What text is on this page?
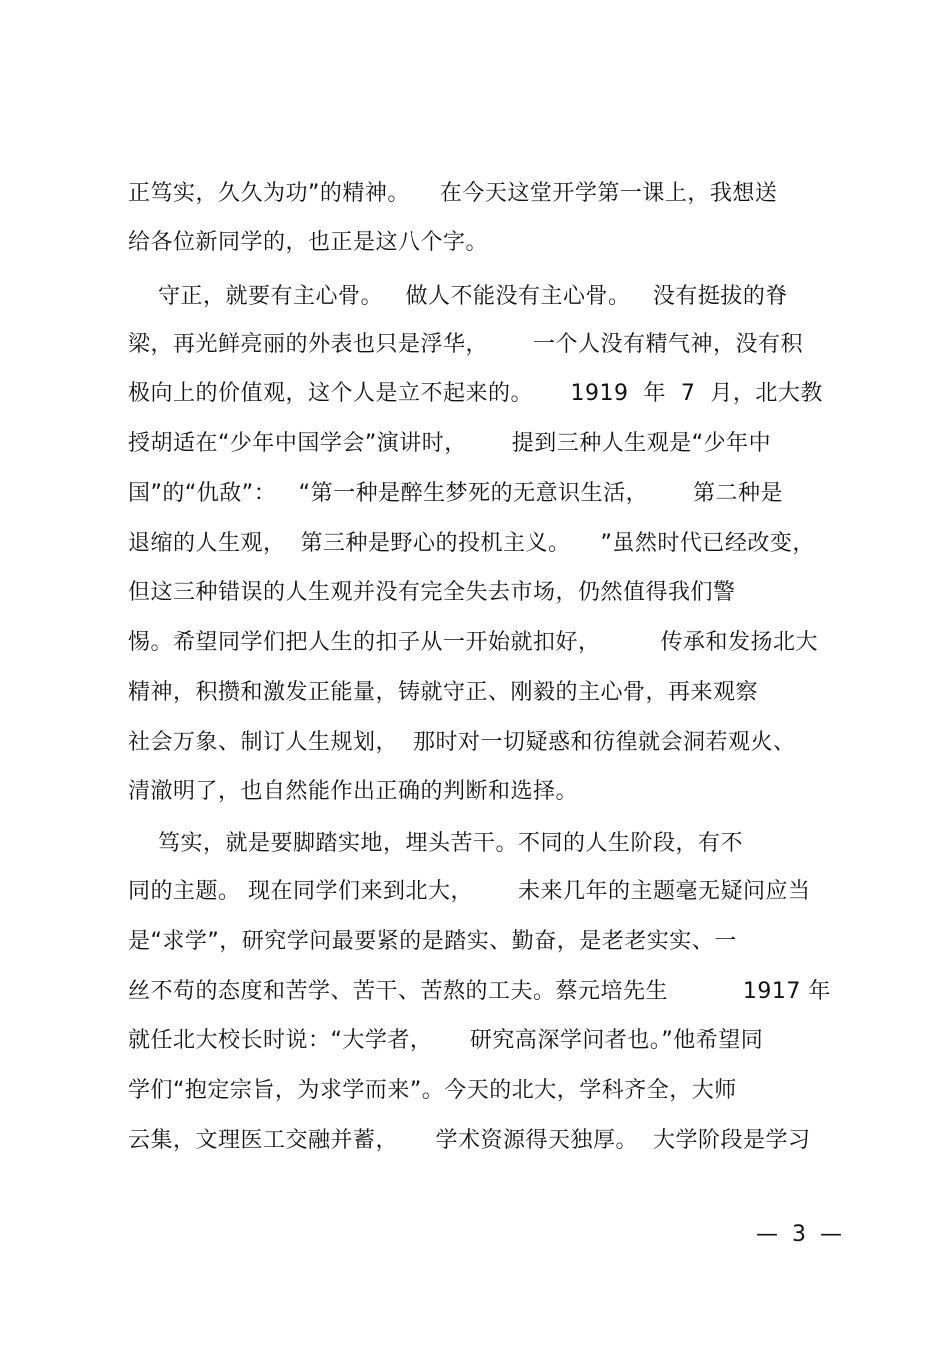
正笃实，久久为功”的精神。    在今天这堂开学第一课上，我想送
给各位新同学的，也正是这八个字。
守正，就要有主心骨。   做人不能没有主心骨。   没有挺拔的脊
梁，再光鲜亮丽的外表也只是浮华，      一个人没有精气神，没有积
极向上的价值观，这个人是立不起来的。     1919  年  7  月，北大教
授胡适在“少年中国学会”演讲时，      提到三种人生观是“少年中
国”的“仇敌”：   “第一种是醉生梦死的无意识生活，      第二种是
退缩的人生观，  第三种是野心的投机主义。    ”虽然时代已经改变，
但这三种错误的人生观并没有完全失去市场，仍然值得我们警
惕。希望同学们把人生的扣子从一开始就扣好，        传承和发扬北大
精神，积攒和激发正能量，铸就守正、刚毅的主心骨，再来观察
社会万象、制订人生规划，  那时对一切疑惑和彷徨就会洞若观火、
清澈明了，也自然能作出正确的判断和选择。
笃实，就是要脚踏实地，埋头苦干。不同的人生阶段，有不
同的主题。 现在同学们来到北大，      未来几年的主题毫无疑问应当
是“求学”，研究学问最要紧的是踏实、勤奋，是老老实实、一
丝不苟的态度和苦学、苦干、苦熬的工夫。蔡元培先生          1917 年
就任北大校长时说：“大学者，     研究高深学问者也。”他希望同
学们“抱定宗旨，为求学而来”。今天的北大，学科齐全，大师
云集，文理医工交融并蓄，     学术资源得天独厚。  大学阶段是学习
—  3  —
